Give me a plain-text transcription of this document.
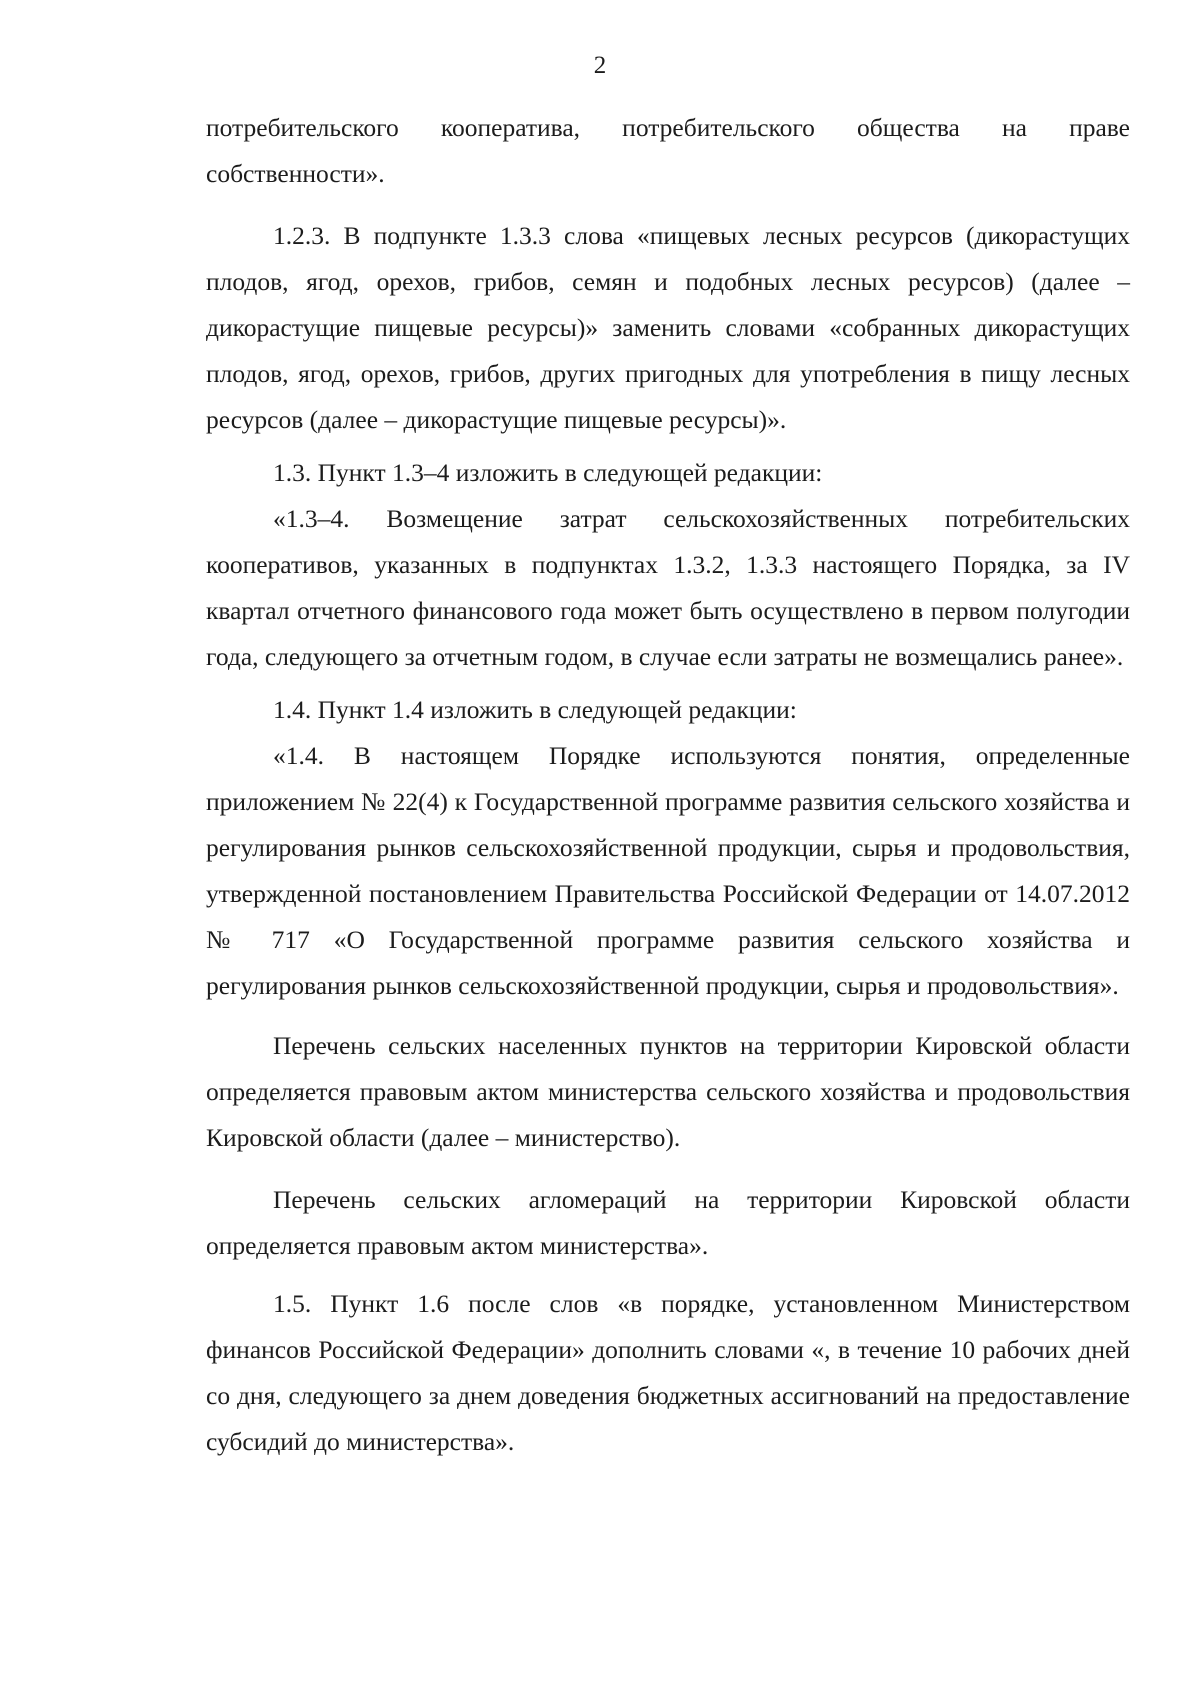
2

потребительского кооператива, потребительского общества на праве собственности».

1.2.3. В подпункте 1.3.3 слова «пищевых лесных ресурсов (дикорастущих плодов, ягод, орехов, грибов, семян и подобных лесных ресурсов) (далее – дикорастущие пищевые ресурсы)» заменить словами «собранных дикорастущих плодов, ягод, орехов, грибов, других пригодных для употребления в пищу лесных ресурсов (далее – дикорастущие пищевые ресурсы)».

1.3. Пункт 1.3–4 изложить в следующей редакции:

«1.3–4. Возмещение затрат сельскохозяйственных потребительских кооперативов, указанных в подпунктах 1.3.2, 1.3.3 настоящего Порядка, за IV квартал отчетного финансового года может быть осуществлено в первом полугодии года, следующего за отчетным годом, в случае если затраты не возмещались ранее».

1.4. Пункт 1.4 изложить в следующей редакции:

«1.4. В настоящем Порядке используются понятия, определенные приложением № 22(4) к Государственной программе развития сельского хозяйства и регулирования рынков сельскохозяйственной продукции, сырья и продовольствия, утвержденной постановлением Правительства Российской Федерации от 14.07.2012 № 717 «О Государственной программе развития сельского хозяйства и регулирования рынков сельскохозяйственной продукции, сырья и продовольствия».

Перечень сельских населенных пунктов на территории Кировской области определяется правовым актом министерства сельского хозяйства и продовольствия Кировской области (далее – министерство).

Перечень сельских агломераций на территории Кировской области определяется правовым актом министерства».

1.5. Пункт 1.6 после слов «в порядке, установленном Министерством финансов Российской Федерации» дополнить словами «, в течение 10 рабочих дней со дня, следующего за днем доведения бюджетных ассигнований на предоставление субсидий до министерства».
